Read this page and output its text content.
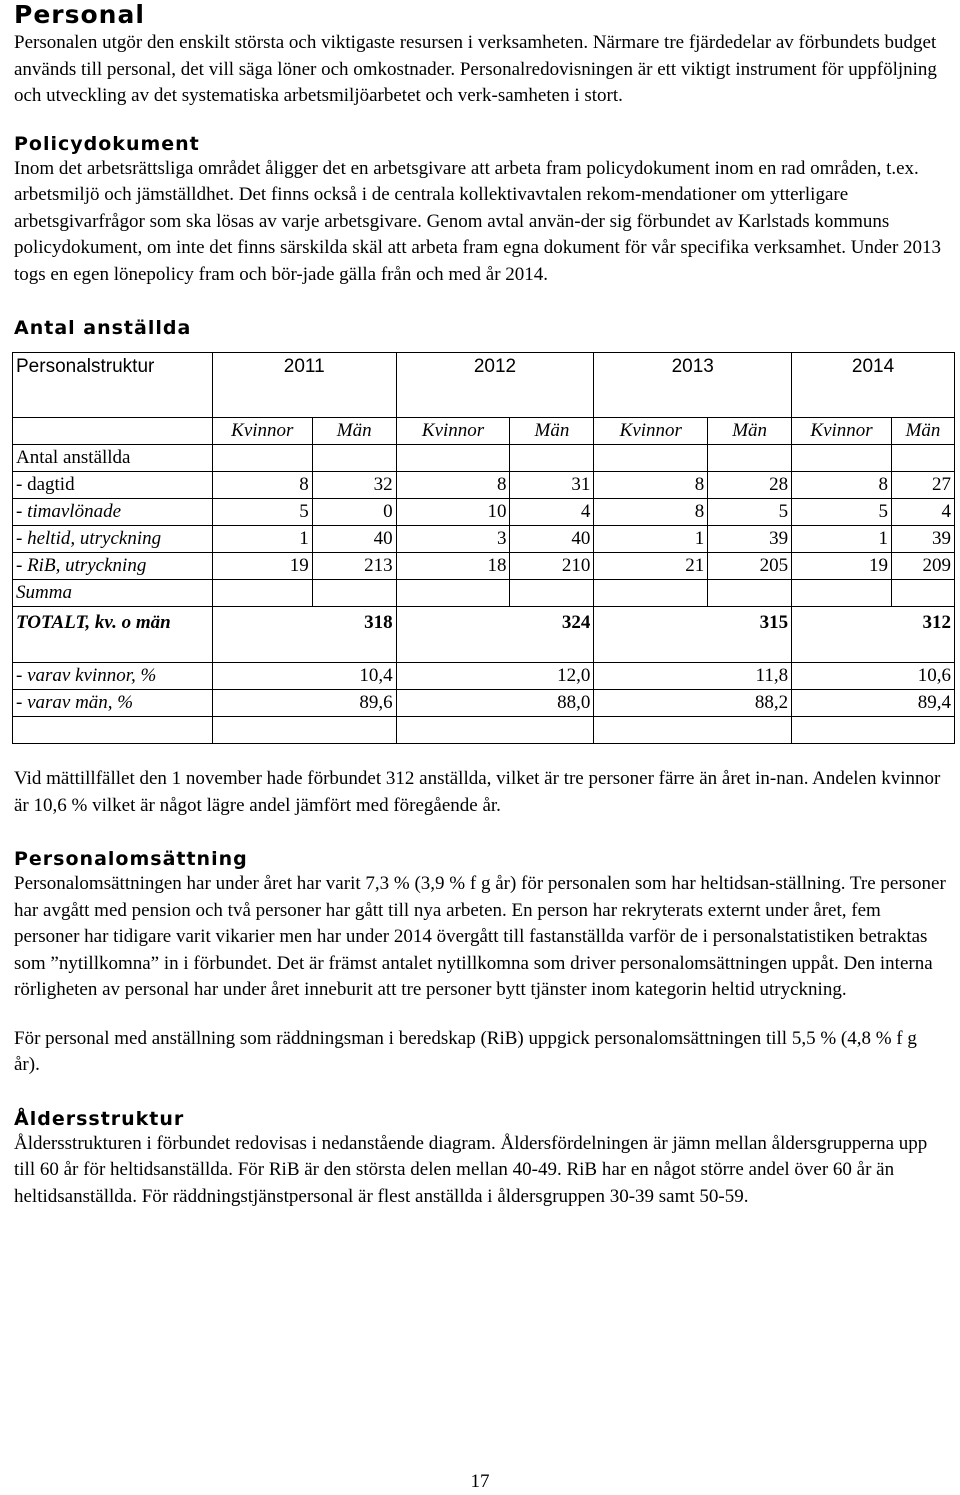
Personal

Personalen utgör den enskilt största och viktigaste resursen i verksamheten. Närmare tre fjärdedelar av förbundets budget används till personal, det vill säga löner och omkostnader. Personalredovisningen är ett viktigt instrument för uppföljning och utveckling av det systematiska arbetsmiljöarbetet och verk-samheten i stort.

Policydokument

Inom det arbetsrättsliga området åligger det en arbetsgivare att arbeta fram policydokument inom en rad områden, t.ex. arbetsmiljö och jämställdhet. Det finns också i de centrala kollektivavtalen rekom-mendationer om ytterligare arbetsgivarfrågor som ska lösas av varje arbetsgivare. Genom avtal använ-der sig förbundet av Karlstads kommuns policydokument, om inte det finns särskilda skäl att arbeta fram egna dokument för vår specifika verksamhet. Under 2013 togs en egen lönepolicy fram och bör-jade gälla från och med år 2014.

Antal anställda
Personalstruktur	2011		2012		2013		2014	

	Kvinnor	Män	Kvinnor	Män	Kvinnor	Män	Kvinnor	Män
Antal anställda								
- dagtid	8	32	8	31	8	28	8	27
- timavlönade	5	0	10	4	8	5	5	4
- heltid, utryckning	1	40	3	40	1	39	1	39
- RiB, utryckning	19	213	18	210	21	205	19	209
Summa								
TOTALT, kv. o män	318		324		315		312	
- varav kvinnor, %	10,4		12,0		11,8		10,6	
- varav män, %	89,6		88,0		88,2		89,4	

Vid mättillfället den 1 november hade förbundet 312 anställda, vilket är tre personer färre än året in-nan. Andelen kvinnor är 10,6 % vilket är något lägre andel jämfört med föregående år.

Personalomsättning

Personalomsättningen har under året har varit 7,3 % (3,9 % f g år) för personalen som har heltidsan-ställning. Tre personer har avgått med pension och två personer har gått till nya arbeten. En person har rekryterats externt under året, fem personer har tidigare varit vikarier men har under 2014 övergått till fastanställda varför de i personalstatistiken betraktas som ”nytillkomna” in i förbundet. Det är främst antalet nytillkomna som driver personalomsättningen uppåt. Den interna rörligheten av personal har under året inneburit att tre personer bytt tjänster inom kategorin heltid utryckning.

För personal med anställning som räddningsman i beredskap (RiB) uppgick personalomsättningen till 5,5 % (4,8 % f g år).

Åldersstruktur

Åldersstrukturen i förbundet redovisas i nedanstående diagram. Åldersfördelningen är jämn mellan åldersgrupperna upp till 60 år för heltidsanställda. För RiB är den största delen mellan 40-49. RiB har en något större andel över 60 år än heltidsanställda. För räddningstjänstpersonal är flest anställda i åldersgruppen 30-39 samt 50-59.

17
